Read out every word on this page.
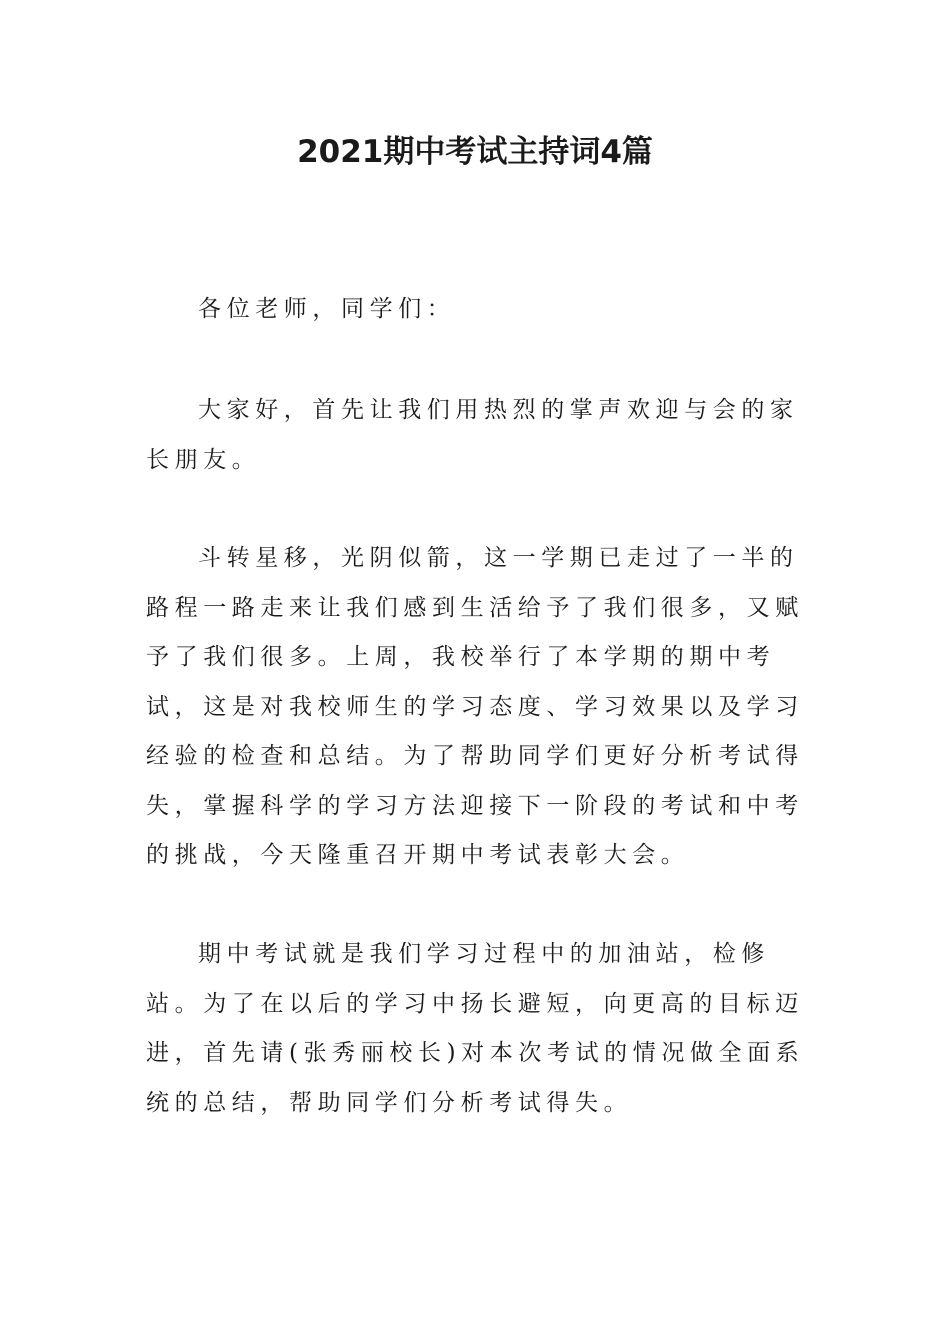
2021期中考试主持词4篇

各位老师，同学们：

大家好，首先让我们用热烈的掌声欢迎与会的家长朋友。

斗转星移，光阴似箭，这一学期已走过了一半的路程一路走来让我们感到生活给予了我们很多，又赋予了我们很多。上周，我校举行了本学期的期中考试，这是对我校师生的学习态度、学习效果以及学习经验的检查和总结。为了帮助同学们更好分析考试得失，掌握科学的学习方法迎接下一阶段的考试和中考的挑战，今天隆重召开期中考试表彰大会。

期中考试就是我们学习过程中的加油站，检修站。为了在以后的学习中扬长避短，向更高的目标迈进，首先请(张秀丽校长)对本次考试的情况做全面系统的总结，帮助同学们分析考试得失。
